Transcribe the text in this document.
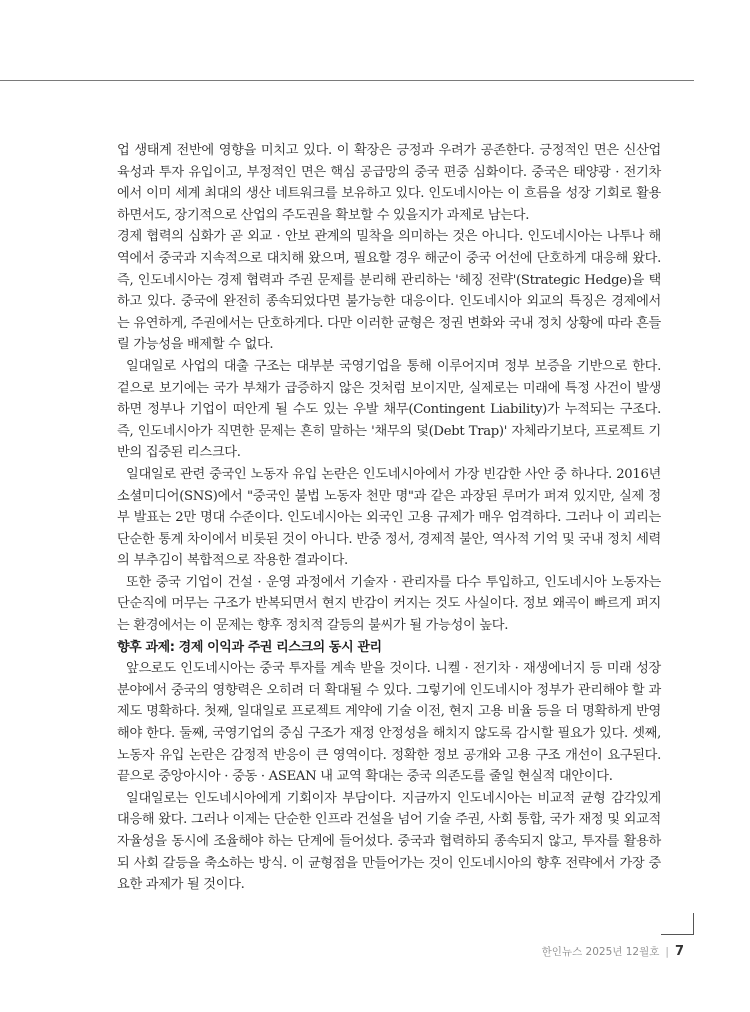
업 생태계 전반에 영향을 미치고 있다. 이 확장은 긍정과 우려가 공존한다. 긍정적인 면은 신산업 육성과 투자 유입이고, 부정적인 면은 핵심 공급망의 중국 편중 심화이다. 중국은 태양광 · 전기차에서 이미 세계 최대의 생산 네트워크를 보유하고 있다. 인도네시아는 이 흐름을 성장 기회로 활용하면서도, 장기적으로 산업의 주도권을 확보할 수 있을지가 과제로 남는다.

경제 협력의 심화가 곧 외교 · 안보 관계의 밀착을 의미하는 것은 아니다. 인도네시아는 나투나 해역에서 중국과 지속적으로 대치해 왔으며, 필요할 경우 해군이 중국 어선에 단호하게 대응해 왔다. 즉, 인도네시아는 경제 협력과 주권 문제를 분리해 관리하는 '헤징 전략'(Strategic Hedge)을 택하고 있다. 중국에 완전히 종속되었다면 불가능한 대응이다. 인도네시아 외교의 특징은 경제에서는 유연하게, 주권에서는 단호하게다. 다만 이러한 균형은 정권 변화와 국내 정치 상황에 따라 흔들릴 가능성을 배제할 수 없다.

일대일로 사업의 대출 구조는 대부분 국영기업을 통해 이루어지며 정부 보증을 기반으로 한다. 겉으로 보기에는 국가 부채가 급증하지 않은 것처럼 보이지만, 실제로는 미래에 특정 사건이 발생하면 정부나 기업이 떠안게 될 수도 있는 우발 채무(Contingent Liability)가 누적되는 구조다. 즉, 인도네시아가 직면한 문제는 흔히 말하는 '채무의 덫(Debt Trap)' 자체라기보다, 프로젝트 기반의 집중된 리스크다.

일대일로 관련 중국인 노동자 유입 논란은 인도네시아에서 가장 빈감한 사안 중 하나다. 2016년 소셜미디어(SNS)에서 "중국인 불법 노동자 천만 명"과 같은 과장된 루머가 퍼져 있지만, 실제 정부 발표는 2만 명대 수준이다. 인도네시아는 외국인 고용 규제가 매우 엄격하다. 그러나 이 괴리는 단순한 통계 차이에서 비롯된 것이 아니다. 반중 정서, 경제적 불안, 역사적 기억 및 국내 정치 세력의 부추김이 복합적으로 작용한 결과이다.

또한 중국 기업이 건설 · 운영 과정에서 기술자 · 관리자를 다수 투입하고, 인도네시아 노동자는 단순직에 머무는 구조가 반복되면서 현지 반감이 커지는 것도 사실이다. 정보 왜곡이 빠르게 퍼지는 환경에서는 이 문제는 향후 정치적 갈등의 불씨가 될 가능성이 높다.

향후 과제: 경제 이익과 주권 리스크의 동시 관리

앞으로도 인도네시아는 중국 투자를 계속 받을 것이다. 니켈 · 전기차 · 재생에너지 등 미래 성장 분야에서 중국의 영향력은 오히려 더 확대될 수 있다. 그렇기에 인도네시아 정부가 관리해야 할 과제도 명확하다. 첫째, 일대일로 프로젝트 계약에 기술 이전, 현지 고용 비율 등을 더 명확하게 반영해야 한다. 둘째, 국영기업의 중심 구조가 재정 안정성을 해치지 않도록 감시할 필요가 있다. 셋째, 노동자 유입 논란은 감정적 반응이 큰 영역이다. 정확한 정보 공개와 고용 구조 개선이 요구된다. 끝으로 중앙아시아 · 중동 · ASEAN 내 교역 확대는 중국 의존도를 줄일 현실적 대안이다.

일대일로는 인도네시아에게 기회이자 부담이다. 지금까지 인도네시아는 비교적 균형 감각있게 대응해 왔다. 그러나 이제는 단순한 인프라 건설을 넘어 기술 주권, 사회 통합, 국가 재정 및 외교적 자율성을 동시에 조율해야 하는 단계에 들어섰다. 중국과 협력하되 종속되지 않고, 투자를 활용하되 사회 갈등을 축소하는 방식. 이 균형점을 만들어가는 것이 인도네시아의 향후 전략에서 가장 중요한 과제가 될 것이다.

한인뉴스 2025년 12월호 | 7
